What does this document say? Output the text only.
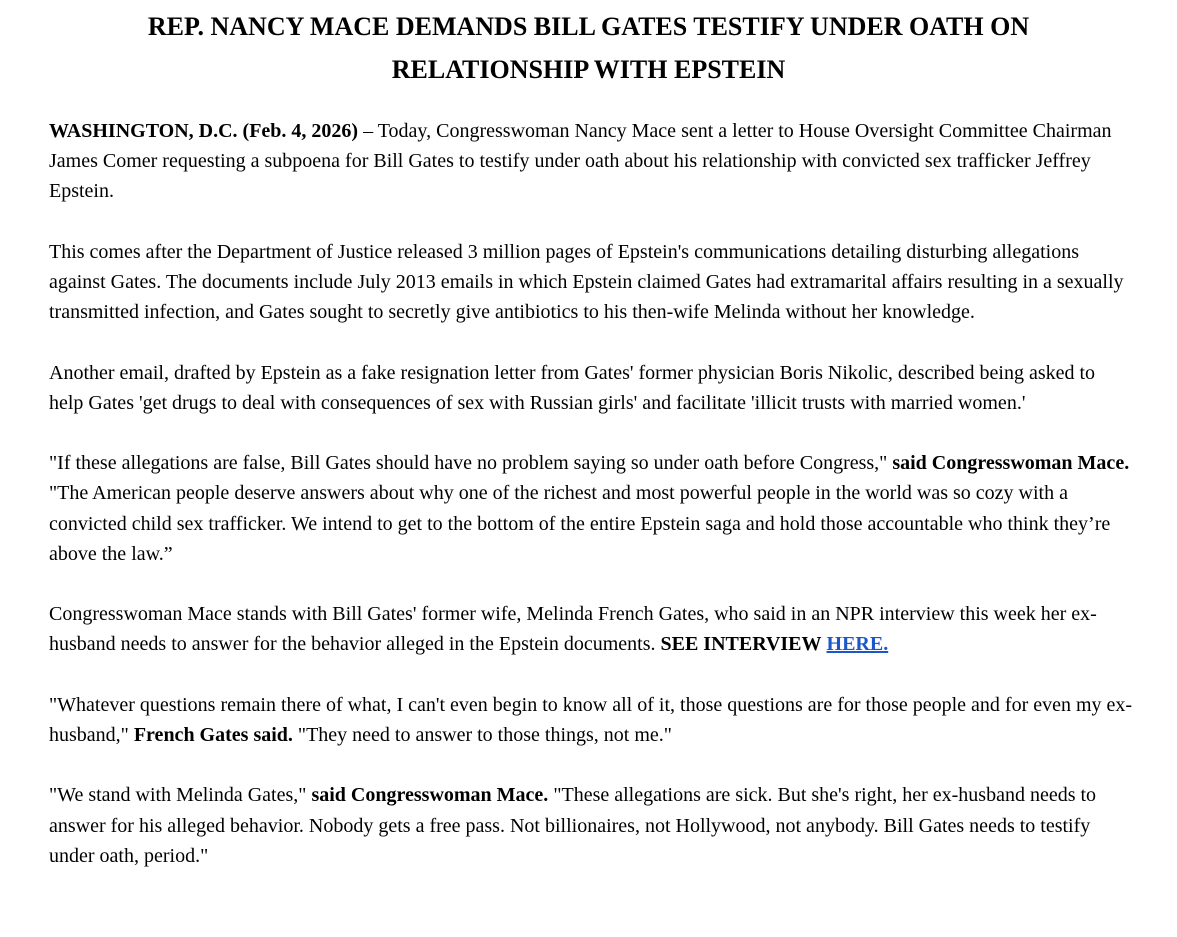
REP. NANCY MACE DEMANDS BILL GATES TESTIFY UNDER OATH ON
RELATIONSHIP WITH EPSTEIN

WASHINGTON, D.C. (Feb. 4, 2026) – Today, Congresswoman Nancy Mace sent a letter to House Oversight Committee Chairman James Comer requesting a subpoena for Bill Gates to testify under oath about his relationship with convicted sex trafficker Jeffrey Epstein.

This comes after the Department of Justice released 3 million pages of Epstein's communications detailing disturbing allegations against Gates. The documents include July 2013 emails in which Epstein claimed Gates had extramarital affairs resulting in a sexually transmitted infection, and Gates sought to secretly give antibiotics to his then-wife Melinda without her knowledge.

Another email, drafted by Epstein as a fake resignation letter from Gates' former physician Boris Nikolic, described being asked to help Gates 'get drugs to deal with consequences of sex with Russian girls' and facilitate 'illicit trusts with married women.'

"If these allegations are false, Bill Gates should have no problem saying so under oath before Congress," said Congresswoman Mace. "The American people deserve answers about why one of the richest and most powerful people in the world was so cozy with a convicted child sex trafficker. We intend to get to the bottom of the entire Epstein saga and hold those accountable who think they’re above the law.”

Congresswoman Mace stands with Bill Gates' former wife, Melinda French Gates, who said in an NPR interview this week her ex-husband needs to answer for the behavior alleged in the Epstein documents. SEE INTERVIEW HERE.

"Whatever questions remain there of what, I can't even begin to know all of it, those questions are for those people and for even my ex-husband," French Gates said. "They need to answer to those things, not me."

"We stand with Melinda Gates," said Congresswoman Mace. "These allegations are sick. But she's right, her ex-husband needs to answer for his alleged behavior. Nobody gets a free pass. Not billionaires, not Hollywood, not anybody. Bill Gates needs to testify under oath, period."
